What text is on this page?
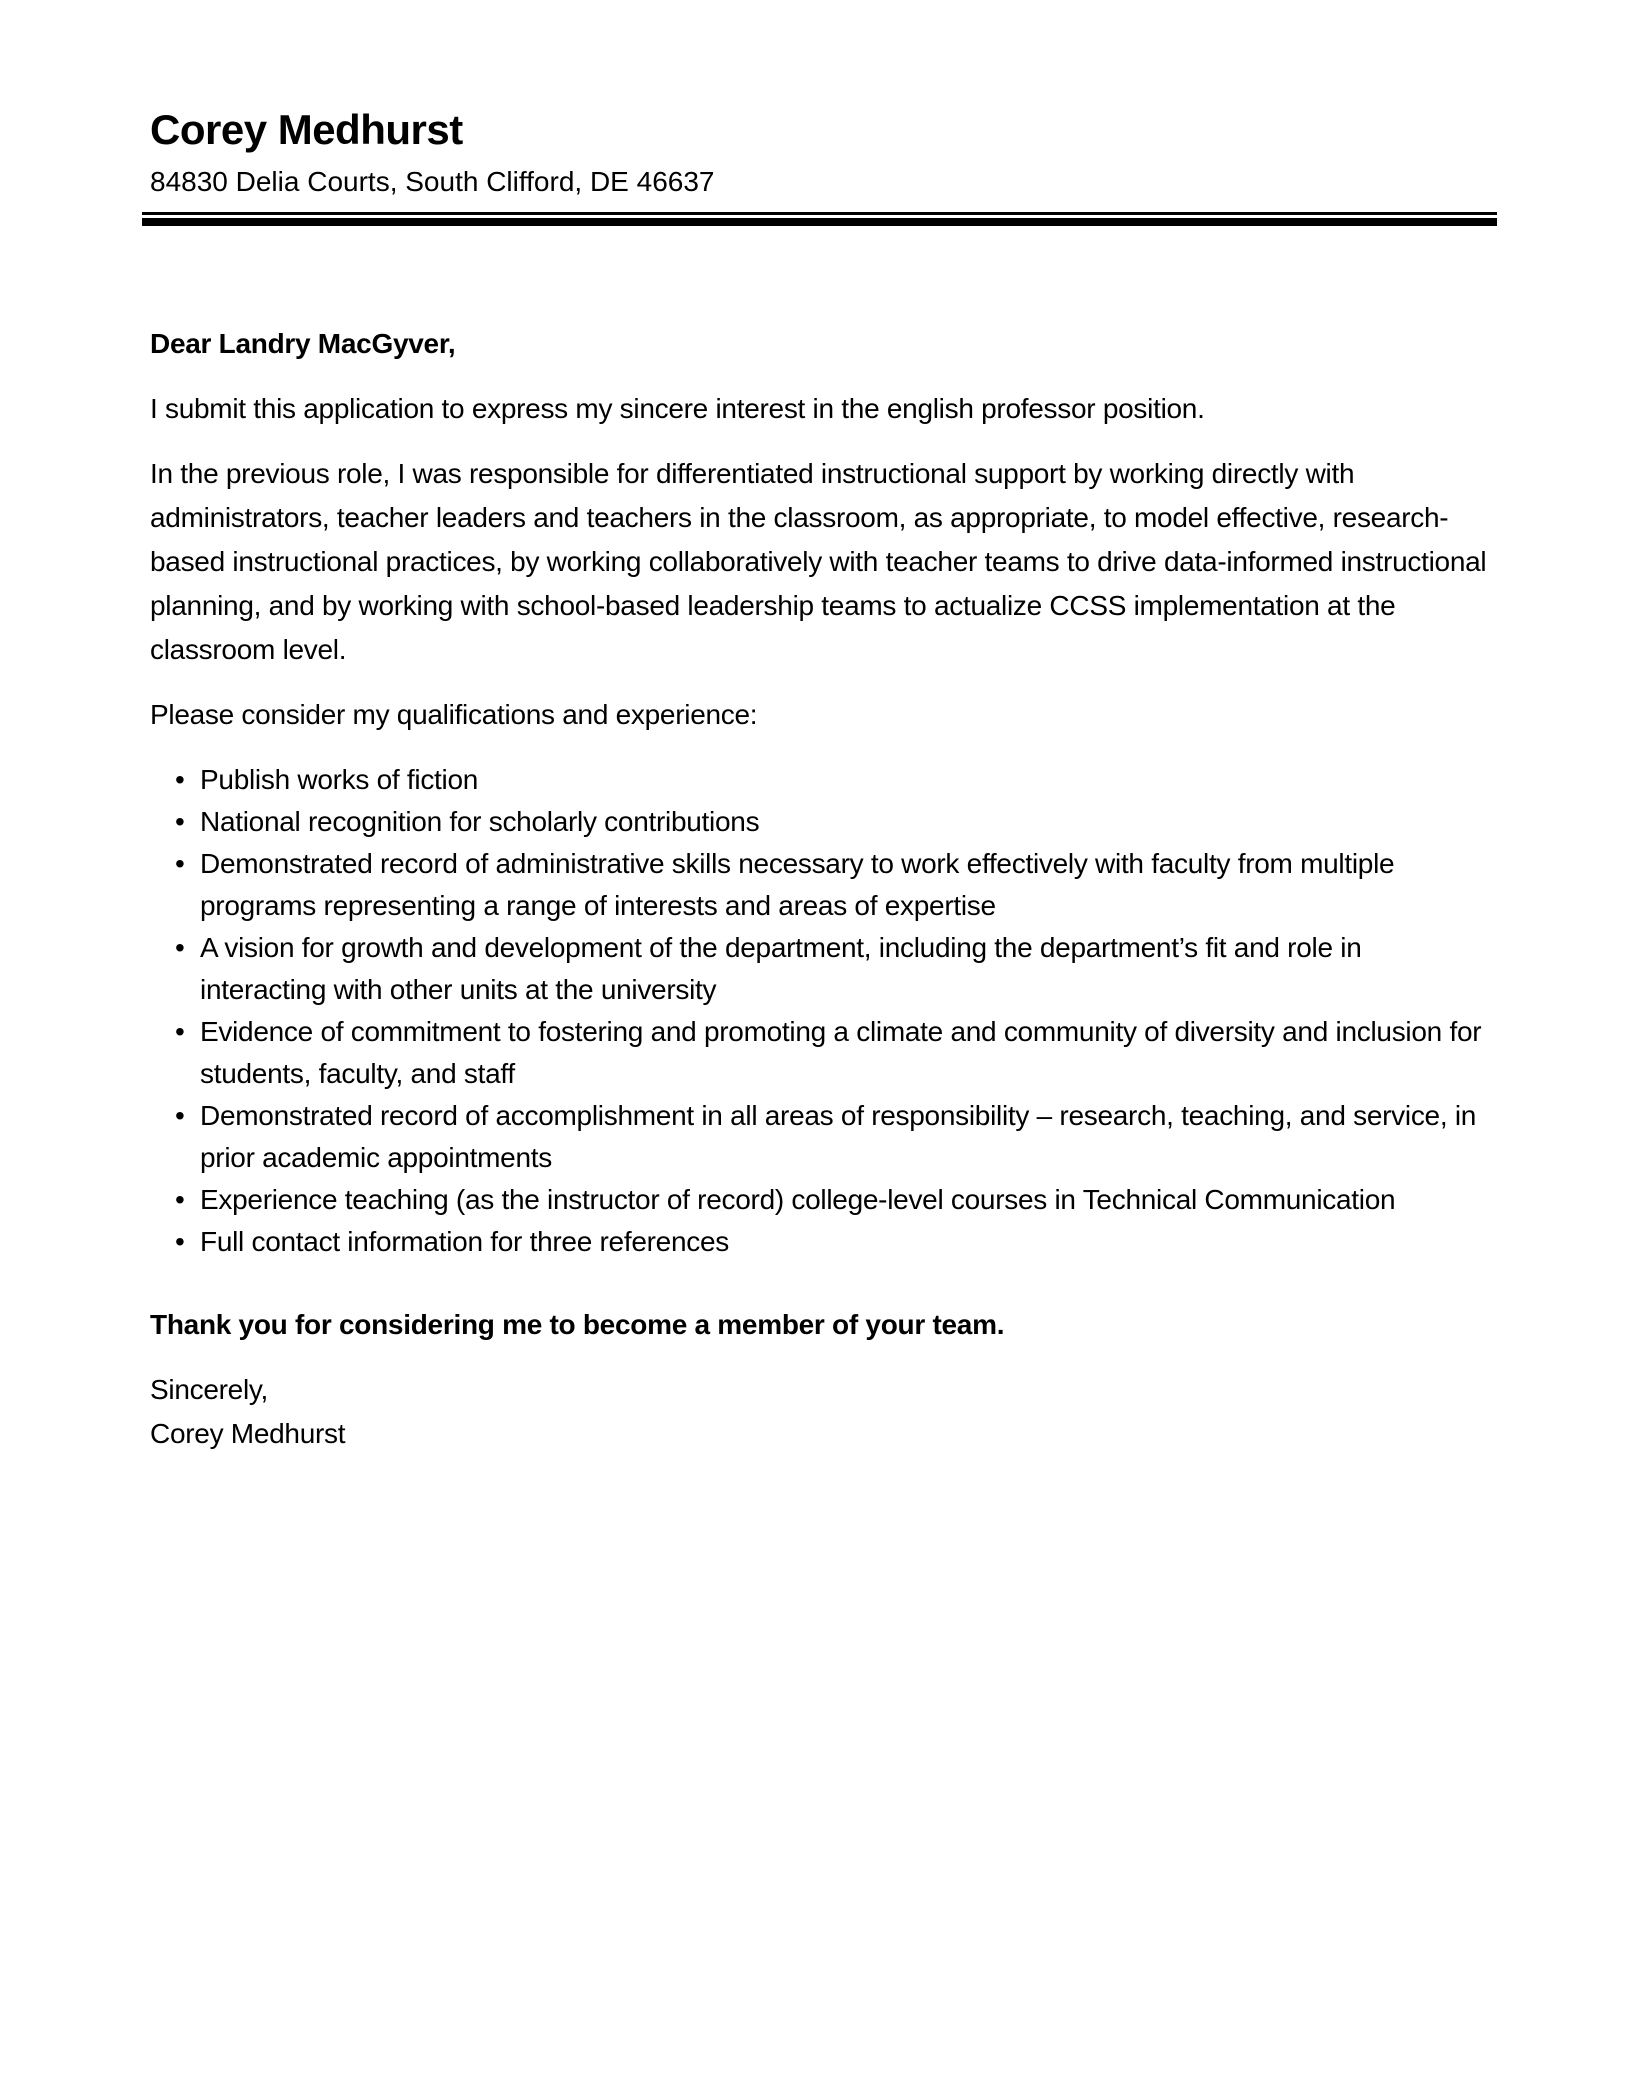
Corey Medhurst

84830 Delia Courts, South Clifford, DE 46637

Dear Landry MacGyver,

I submit this application to express my sincere interest in the english professor position.

In the previous role, I was responsible for differentiated instructional support by working directly with administrators, teacher leaders and teachers in the classroom, as appropriate, to model effective, research-based instructional practices, by working collaboratively with teacher teams to drive data-informed instructional planning, and by working with school-based leadership teams to actualize CCSS implementation at the classroom level.

Please consider my qualifications and experience:

• Publish works of fiction
• National recognition for scholarly contributions
• Demonstrated record of administrative skills necessary to work effectively with faculty from multiple programs representing a range of interests and areas of expertise
• A vision for growth and development of the department, including the department’s fit and role in interacting with other units at the university
• Evidence of commitment to fostering and promoting a climate and community of diversity and inclusion for students, faculty, and staff
• Demonstrated record of accomplishment in all areas of responsibility – research, teaching, and service, in prior academic appointments
• Experience teaching (as the instructor of record) college-level courses in Technical Communication
• Full contact information for three references

Thank you for considering me to become a member of your team.

Sincerely,

Corey Medhurst
